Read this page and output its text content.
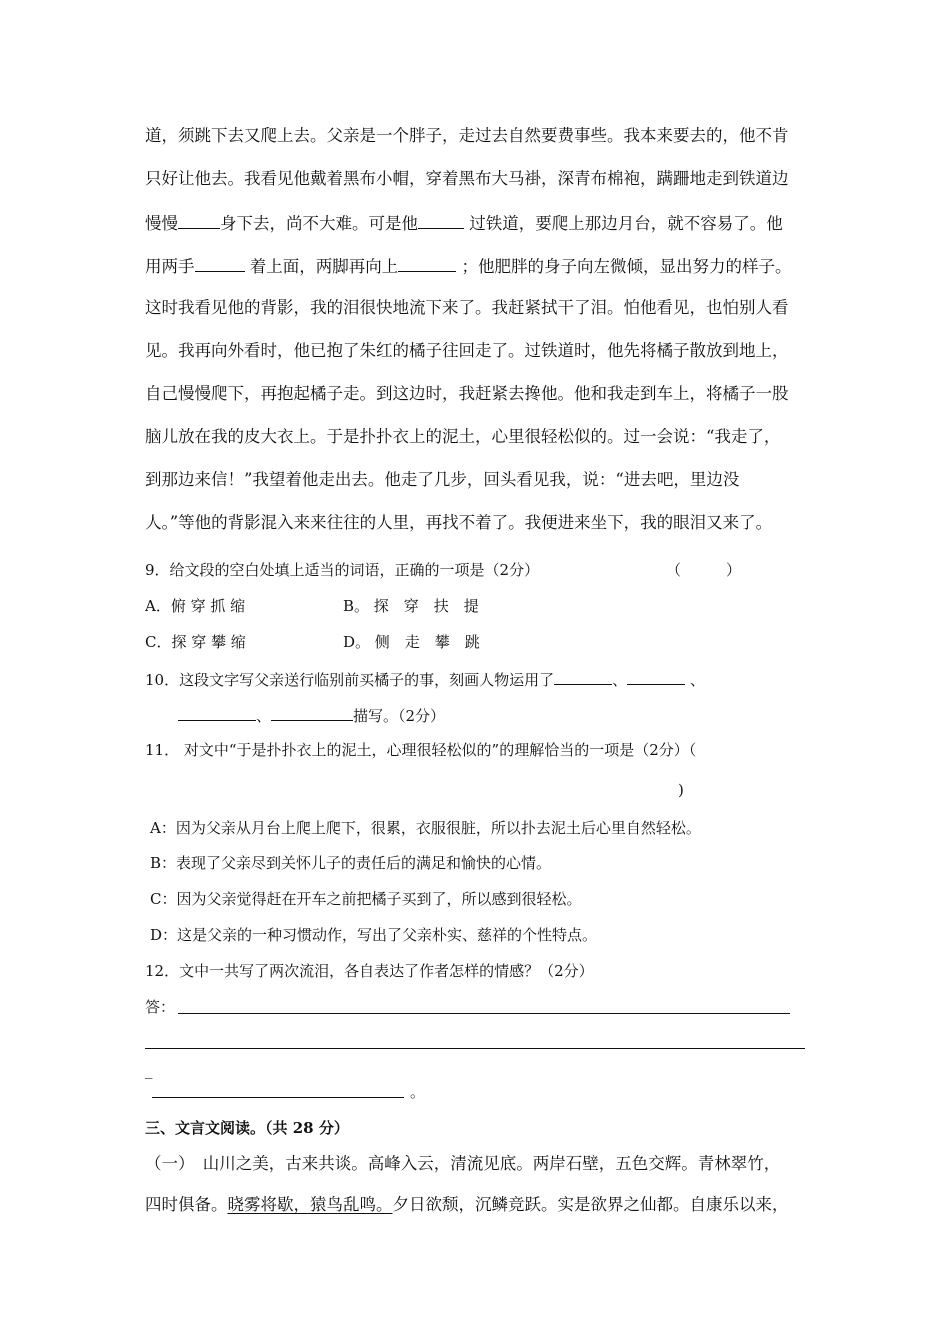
道，须跳下去又爬上去。父亲是一个胖子，走过去自然要费事些。我本来要去的，他不肯
只好让他去。我看见他戴着黑布小帽，穿着黑布大马褂，深青布棉袍，蹒跚地走到铁道边
慢慢	身下去，尚不大难。可是他	过铁道，要爬上那边月台，就不容易了。他
用两手	着上面，两脚再向上	；他肥胖的身子向左微倾，显出努力的样子。
这时我看见他的背影，我的泪很快地流下来了。我赶紧拭干了泪。怕他看见，也怕别人看
见。我再向外看时，他已抱了朱红的橘子往回走了。过铁道时，他先将橘子散放到地上，
自己慢慢爬下，再抱起橘子走。到这边时，我赶紧去搀他。他和我走到车上，将橘子一股
脑儿放在我的皮大衣上。于是扑扑衣上的泥土，心里很轻松似的。过一会说：“我走了，
到那边来信！”我望着他走出去。他走了几步，回头看见我，说：“进去吧，里边没
人。”等他的背影混入来来往往的人里，再找不着了。我便进来坐下，我的眼泪又来了。
9．给文段的空白处填上适当的词语，正确的一项是（2分）	（　　　）
A．俯 穿 抓 缩	B。 探　穿　扶　提
C．探 穿 攀 缩	D。 侧　走　攀　跳
10．这段文字写父亲送行临别前买橘子的事，刻画人物运用了	、	、
、	描写。（2分）
11． 对文中“于是扑扑衣上的泥土，心理很轻松似的”的理解恰当的一项是（2分）（
)
A：因为父亲从月台上爬上爬下，很累，衣服很脏，所以扑去泥土后心里自然轻松。
B：表现了父亲尽到关怀儿子的责任后的满足和愉快的心情。
C：因为父亲觉得赶在开车之前把橘子买到了，所以感到很轻松。
D：这是父亲的一种习惯动作，写出了父亲朴实、慈祥的个性特点。
12．文中一共写了两次流泪，各自表达了作者怎样的情感？（2分）
答：
_
。
三、文言文阅读。（共 28 分）
（一）　山川之美，古来共谈。高峰入云，清流见底。两岸石壁，五色交辉。青林翠竹，
四时俱备。晓雾将歇，猿鸟乱鸣。夕日欲颓，沉鳞竞跃。实是欲界之仙都。自康乐以来，
